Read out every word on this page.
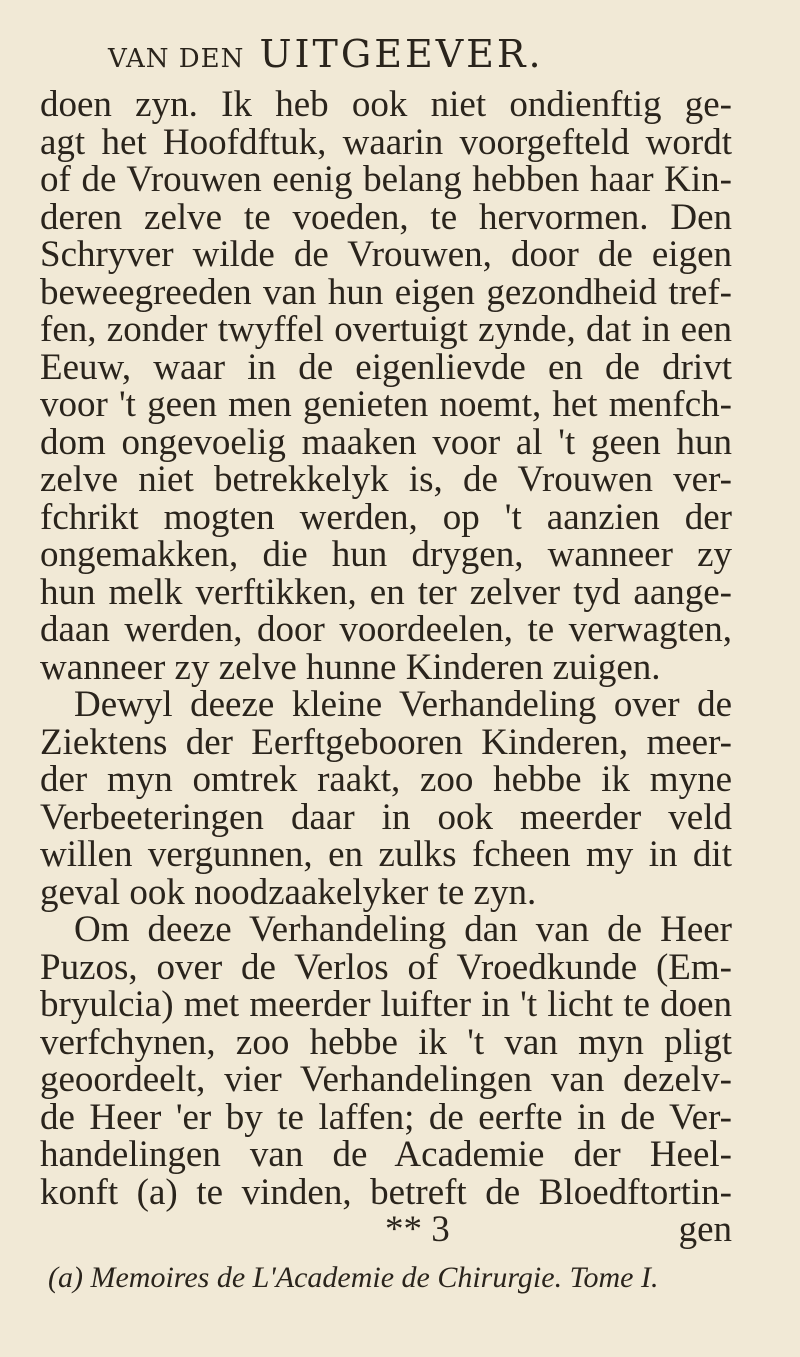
VAN DEN UITGEEVER.
doen zyn. Ik heb ook niet ondienftig ge-
agt het Hoofdftuk, waarin voorgefteld wordt
of de Vrouwen eenig belang hebben haar Kin-
deren zelve te voeden, te hervormen. Den
Schryver wilde de Vrouwen, door de eigen
beweegreeden van hun eigen gezondheid tref-
fen, zonder twyffel overtuigt zynde, dat in een
Eeuw, waar in de eigenlievde en de drivt
voor 't geen men genieten noemt, het menfch-
dom ongevoelig maaken voor al 't geen hun
zelve niet betrekkelyk is, de Vrouwen ver-
fchrikt mogten werden, op 't aanzien der
ongemakken, die hun drygen, wanneer zy
hun melk verftikken, en ter zelver tyd aange-
daan werden, door voordeelen, te verwagten,
wanneer zy zelve hunne Kinderen zuigen.
Dewyl deeze kleine Verhandeling over de
Ziektens der Eerftgebooren Kinderen, meer-
der myn omtrek raakt, zoo hebbe ik myne
Verbeeteringen daar in ook meerder veld
willen vergunnen, en zulks fcheen my in dit
geval ook noodzaakelyker te zyn.
Om deeze Verhandeling dan van de Heer
Puzos, over de Verlos of Vroedkunde (Em-
bryulcia) met meerder luifter in 't licht te doen
verfchynen, zoo hebbe ik 't van myn pligt
geoordeelt, vier Verhandelingen van dezelv-
de Heer 'er by te laffen; de eerfte in de Ver-
handelingen van de Academie der Heel-
konft (a) te vinden, betreft de Bloedftortin-
** 3	gen
(a) Memoires de L'Academie de Chirurgie. Tome I.
